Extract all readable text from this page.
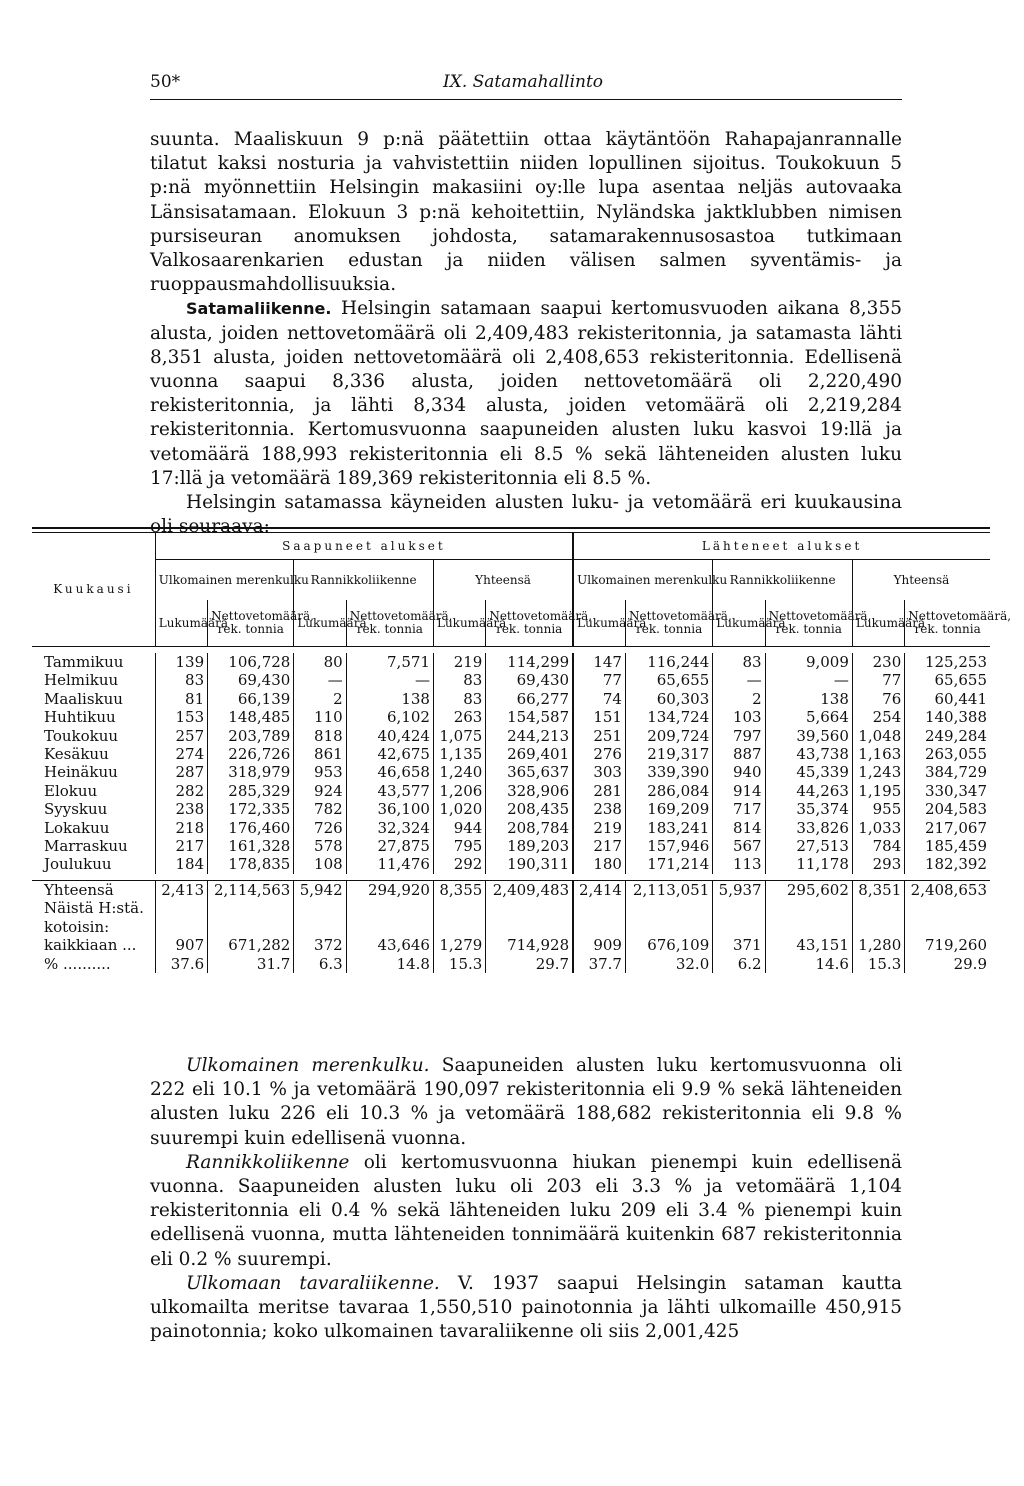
50*	IX. Satamahallinto

suunta. Maaliskuun 9 p:nä päätettiin ottaa käytäntöön Rahapajanrannalle tilatut kaksi nosturia ja vahvistettiin niiden lopullinen sijoitus. Toukokuun 5 p:nä myönnettiin Helsingin makasiini oy:lle lupa asentaa neljäs autovaaka Länsisatamaan. Elokuun 3 p:nä kehoitettiin, Nyländska jaktklubben nimisen pursiseuran anomuksen johdosta, satamarakennusosastoa tutkimaan Valkosaarenkarien edustan ja niiden välisen salmen syventämis- ja ruoppausmahdollisuuksia.

Satamaliikenne. Helsingin satamaan saapui kertomusvuoden aikana 8,355 alusta, joiden nettovetomäärä oli 2,409,483 rekisteritonnia, ja satamasta lähti 8,351 alusta, joiden nettovetomäärä oli 2,408,653 rekisteritonnia. Edellisenä vuonna saapui 8,336 alusta, joiden nettovetomäärä oli 2,220,490 rekisteritonnia, ja lähti 8,334 alusta, joiden vetomäärä oli 2,219,284 rekisteritonnia. Kertomusvuonna saapuneiden alusten luku kasvoi 19:llä ja vetomäärä 188,993 rekisteritonnia eli 8.5 % sekä lähteneiden alusten luku 17:llä ja vetomäärä 189,369 rekisteritonnia eli 8.5 %.

Helsingin satamassa käyneiden alusten luku- ja vetomäärä eri kuukausina oli seuraava:

Kuukausi	Saapuneet alukset						Lähteneet alukset					
	Ulkomainen merenkulku		Rannikkoliikenne		Yhteensä		Ulkomainen merenkulku		Rannikkoliikenne		Yhteensä	
	Lukumäärä	Nettovetomäärä, rek. tonnia	Lukumäärä	Nettovetomäärä, rek. tonnia	Lukumäärä	Nettovetomäärä, rek. tonnia	Lukumäärä	Nettovetomäärä, rek. tonnia	Lukumäärä	Nettovetomäärä, rek. tonnia	Lukumäärä	Nettovetomäärä, rek. tonnia

Tammikuu	139	106,728	80	7,571	219	114,299	147	116,244	83	9,009	230	125,253
Helmikuu	83	69,430	—	—	83	69,430	77	65,655	—	—	77	65,655
Maaliskuu	81	66,139	2	138	83	66,277	74	60,303	2	138	76	60,441
Huhtikuu	153	148,485	110	6,102	263	154,587	151	134,724	103	5,664	254	140,388
Toukokuu	257	203,789	818	40,424	1,075	244,213	251	209,724	797	39,560	1,048	249,284
Kesäkuu	274	226,726	861	42,675	1,135	269,401	276	219,317	887	43,738	1,163	263,055
Heinäkuu	287	318,979	953	46,658	1,240	365,637	303	339,390	940	45,339	1,243	384,729
Elokuu	282	285,329	924	43,577	1,206	328,906	281	286,084	914	44,263	1,195	330,347
Syyskuu	238	172,335	782	36,100	1,020	208,435	238	169,209	717	35,374	955	204,583
Lokakuu	218	176,460	726	32,324	944	208,784	219	183,241	814	33,826	1,033	217,067
Marraskuu	217	161,328	578	27,875	795	189,203	217	157,946	567	27,513	784	185,459
Joulukuu	184	178,835	108	11,476	292	190,311	180	171,214	113	11,178	293	182,392

Yhteensä	2,413	2,114,563	5,942	294,920	8,355	2,409,483	2,414	2,113,051	5,937	295,602	8,351	2,408,653
Näistä H:stä.												
kotoisin:												
kaikkiaan ...	907	671,282	372	43,646	1,279	714,928	909	676,109	371	43,151	1,280	719,260
% ..........	37.6	31.7	6.3	14.8	15.3	29.7	37.7	32.0	6.2	14.6	15.3	29.9

Ulkomainen merenkulku. Saapuneiden alusten luku kertomusvuonna oli 222 eli 10.1 % ja vetomäärä 190,097 rekisteritonnia eli 9.9 % sekä lähteneiden alusten luku 226 eli 10.3 % ja vetomäärä 188,682 rekisteritonnia eli 9.8 % suurempi kuin edellisenä vuonna.

Rannikkoliikenne oli kertomusvuonna hiukan pienempi kuin edellisenä vuonna. Saapuneiden alusten luku oli 203 eli 3.3 % ja vetomäärä 1,104 rekisteritonnia eli 0.4 % sekä lähteneiden luku 209 eli 3.4 % pienempi kuin edellisenä vuonna, mutta lähteneiden tonnimäärä kuitenkin 687 rekisteritonnia eli 0.2 % suurempi.

Ulkomaan tavaraliikenne. V. 1937 saapui Helsingin sataman kautta ulkomailta meritse tavaraa 1,550,510 painotonnia ja lähti ulkomaille 450,915 painotonnia; koko ulkomainen tavaraliikenne oli siis 2,001,425
